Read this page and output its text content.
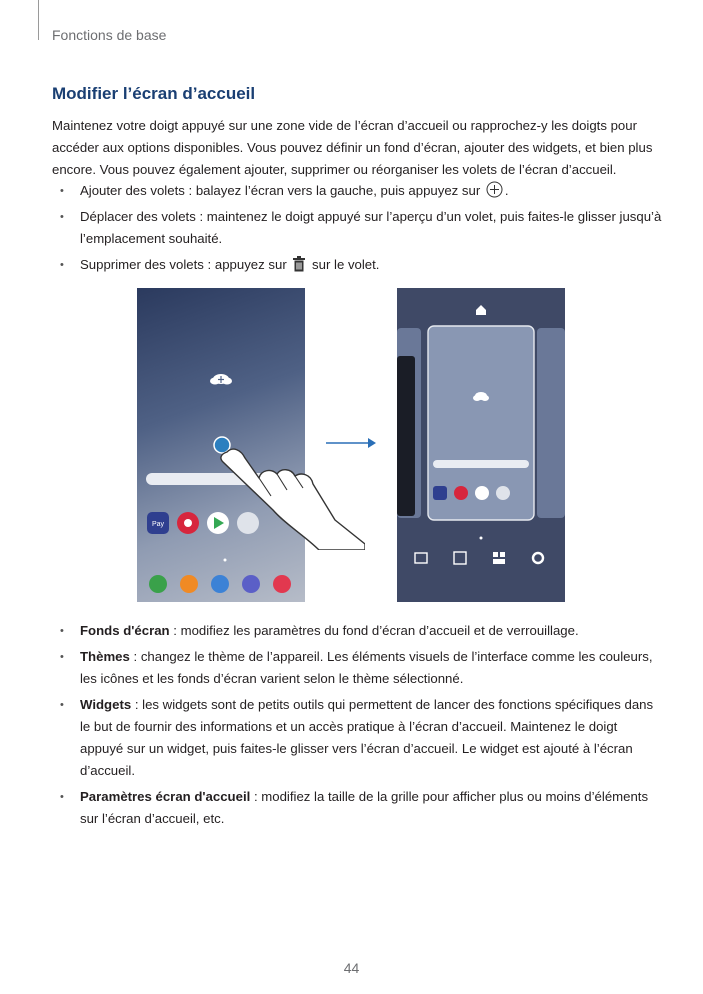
Fonctions de base
Modifier l’écran d’accueil

Maintenez votre doigt appuyé sur une zone vide de l’écran d’accueil ou rapprochez-y les doigts pour accéder aux options disponibles. Vous pouvez définir un fond d’écran, ajouter des widgets, et bien plus encore. Vous pouvez également ajouter, supprimer ou réorganiser les volets de l’écran d’accueil.

• Ajouter des volets : balayez l’écran vers la gauche, puis appuyez sur .
• Déplacer des volets : maintenez le doigt appuyé sur l’aperçu d’un volet, puis faites-le glisser jusqu’à l’emplacement souhaité.
• Supprimer des volets : appuyez sur  sur le volet.
Pay
• Fonds d'écran : modifiez les paramètres du fond d’écran d’accueil et de verrouillage.
• Thèmes : changez le thème de l’appareil. Les éléments visuels de l’interface comme les couleurs, les icônes et les fonds d’écran varient selon le thème sélectionné.
• Widgets : les widgets sont de petits outils qui permettent de lancer des fonctions spécifiques dans le but de fournir des informations et un accès pratique à l’écran d’accueil. Maintenez le doigt appuyé sur un widget, puis faites-le glisser vers l’écran d’accueil. Le widget est ajouté à l’écran d’accueil.
• Paramètres écran d'accueil : modifiez la taille de la grille pour afficher plus ou moins d’éléments sur l’écran d’accueil, etc.
44
